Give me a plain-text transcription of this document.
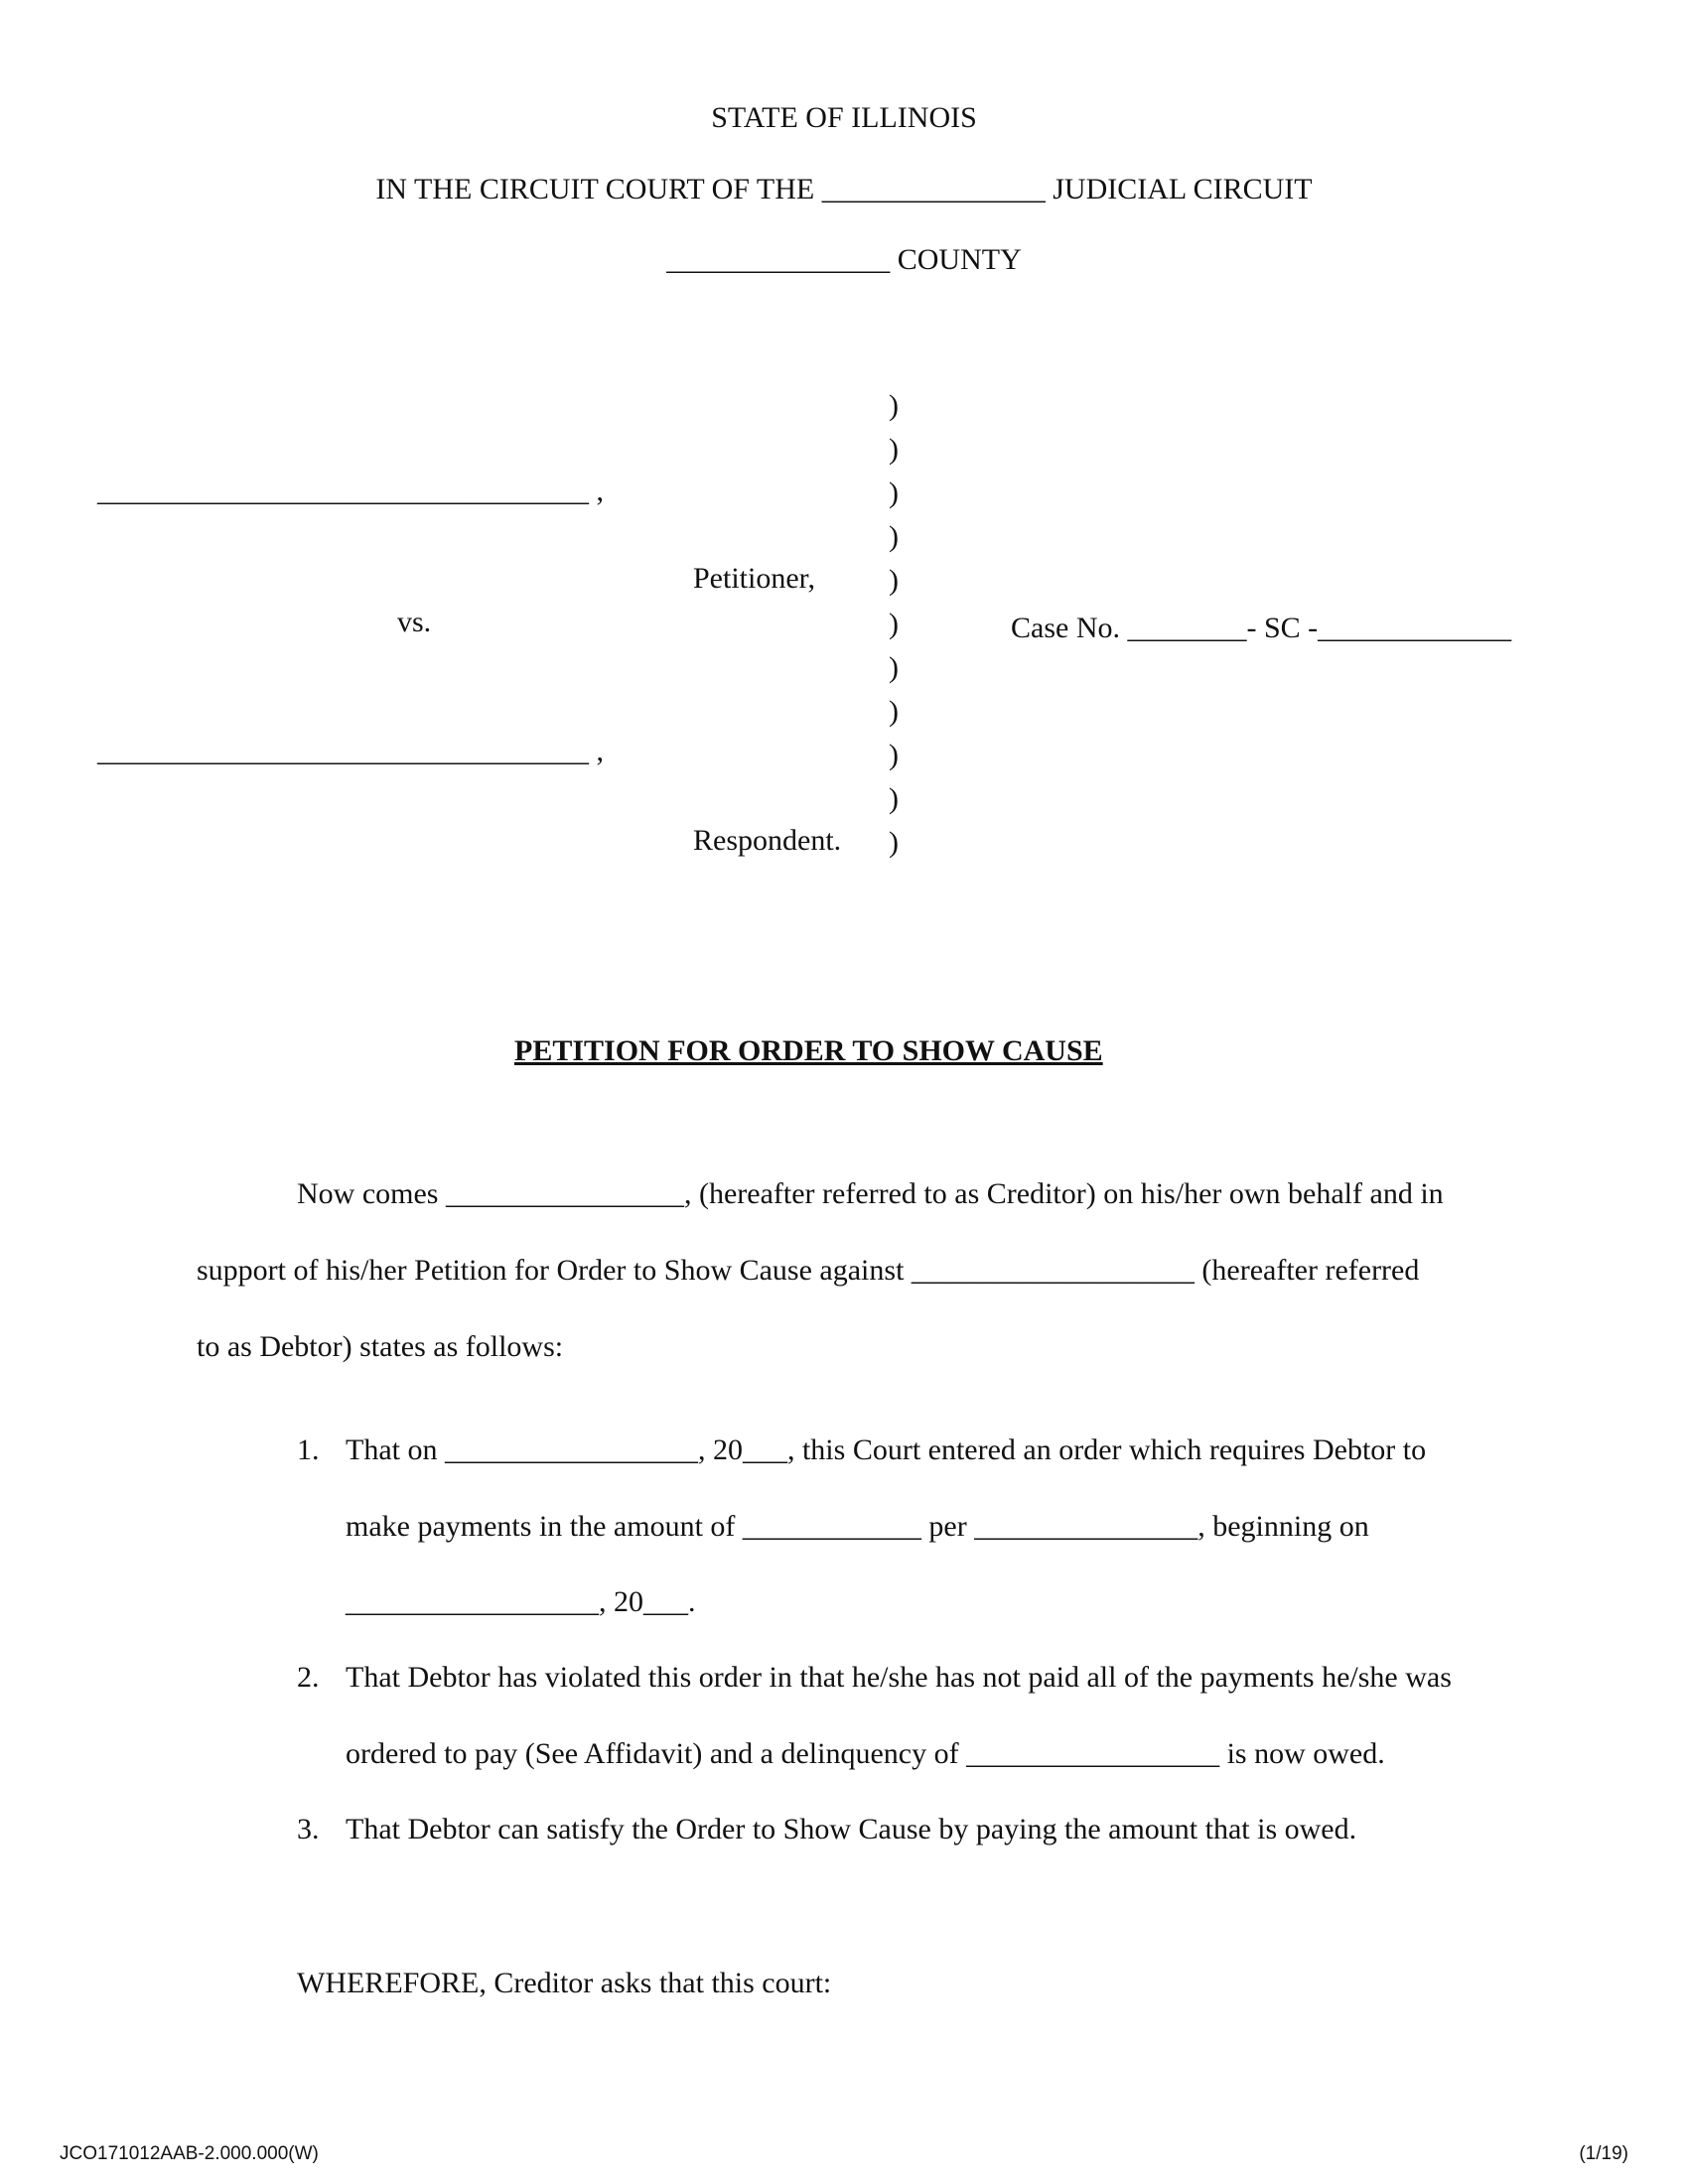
STATE OF ILLINOIS
IN THE CIRCUIT COURT OF THE _______________ JUDICIAL CIRCUIT
_______________ COUNTY
_________________________________ ,
Petitioner,
vs.
_________________________________ ,
Respondent.
Case No. ________- SC -_____________
)
)
)
)
)
)
)
)
)
)
)
PETITION FOR ORDER TO SHOW CAUSE
Now comes ________________, (hereafter referred to as Creditor) on his/her own behalf and in
support of his/her Petition for Order to Show Cause against ___________________ (hereafter referred
to as Debtor) states as follows:
1. That on _________________, 20___, this Court entered an order which requires Debtor to
make payments in the amount of ____________ per _______________, beginning on
_________________, 20___.
2. That Debtor has violated this order in that he/she has not paid all of the payments he/she was
ordered to pay (See Affidavit) and a delinquency of _________________ is now owed.
3. That Debtor can satisfy the Order to Show Cause by paying the amount that is owed.
WHEREFORE, Creditor asks that this court:
JCO171012AAB-2.000.000(W)	(1/19)
